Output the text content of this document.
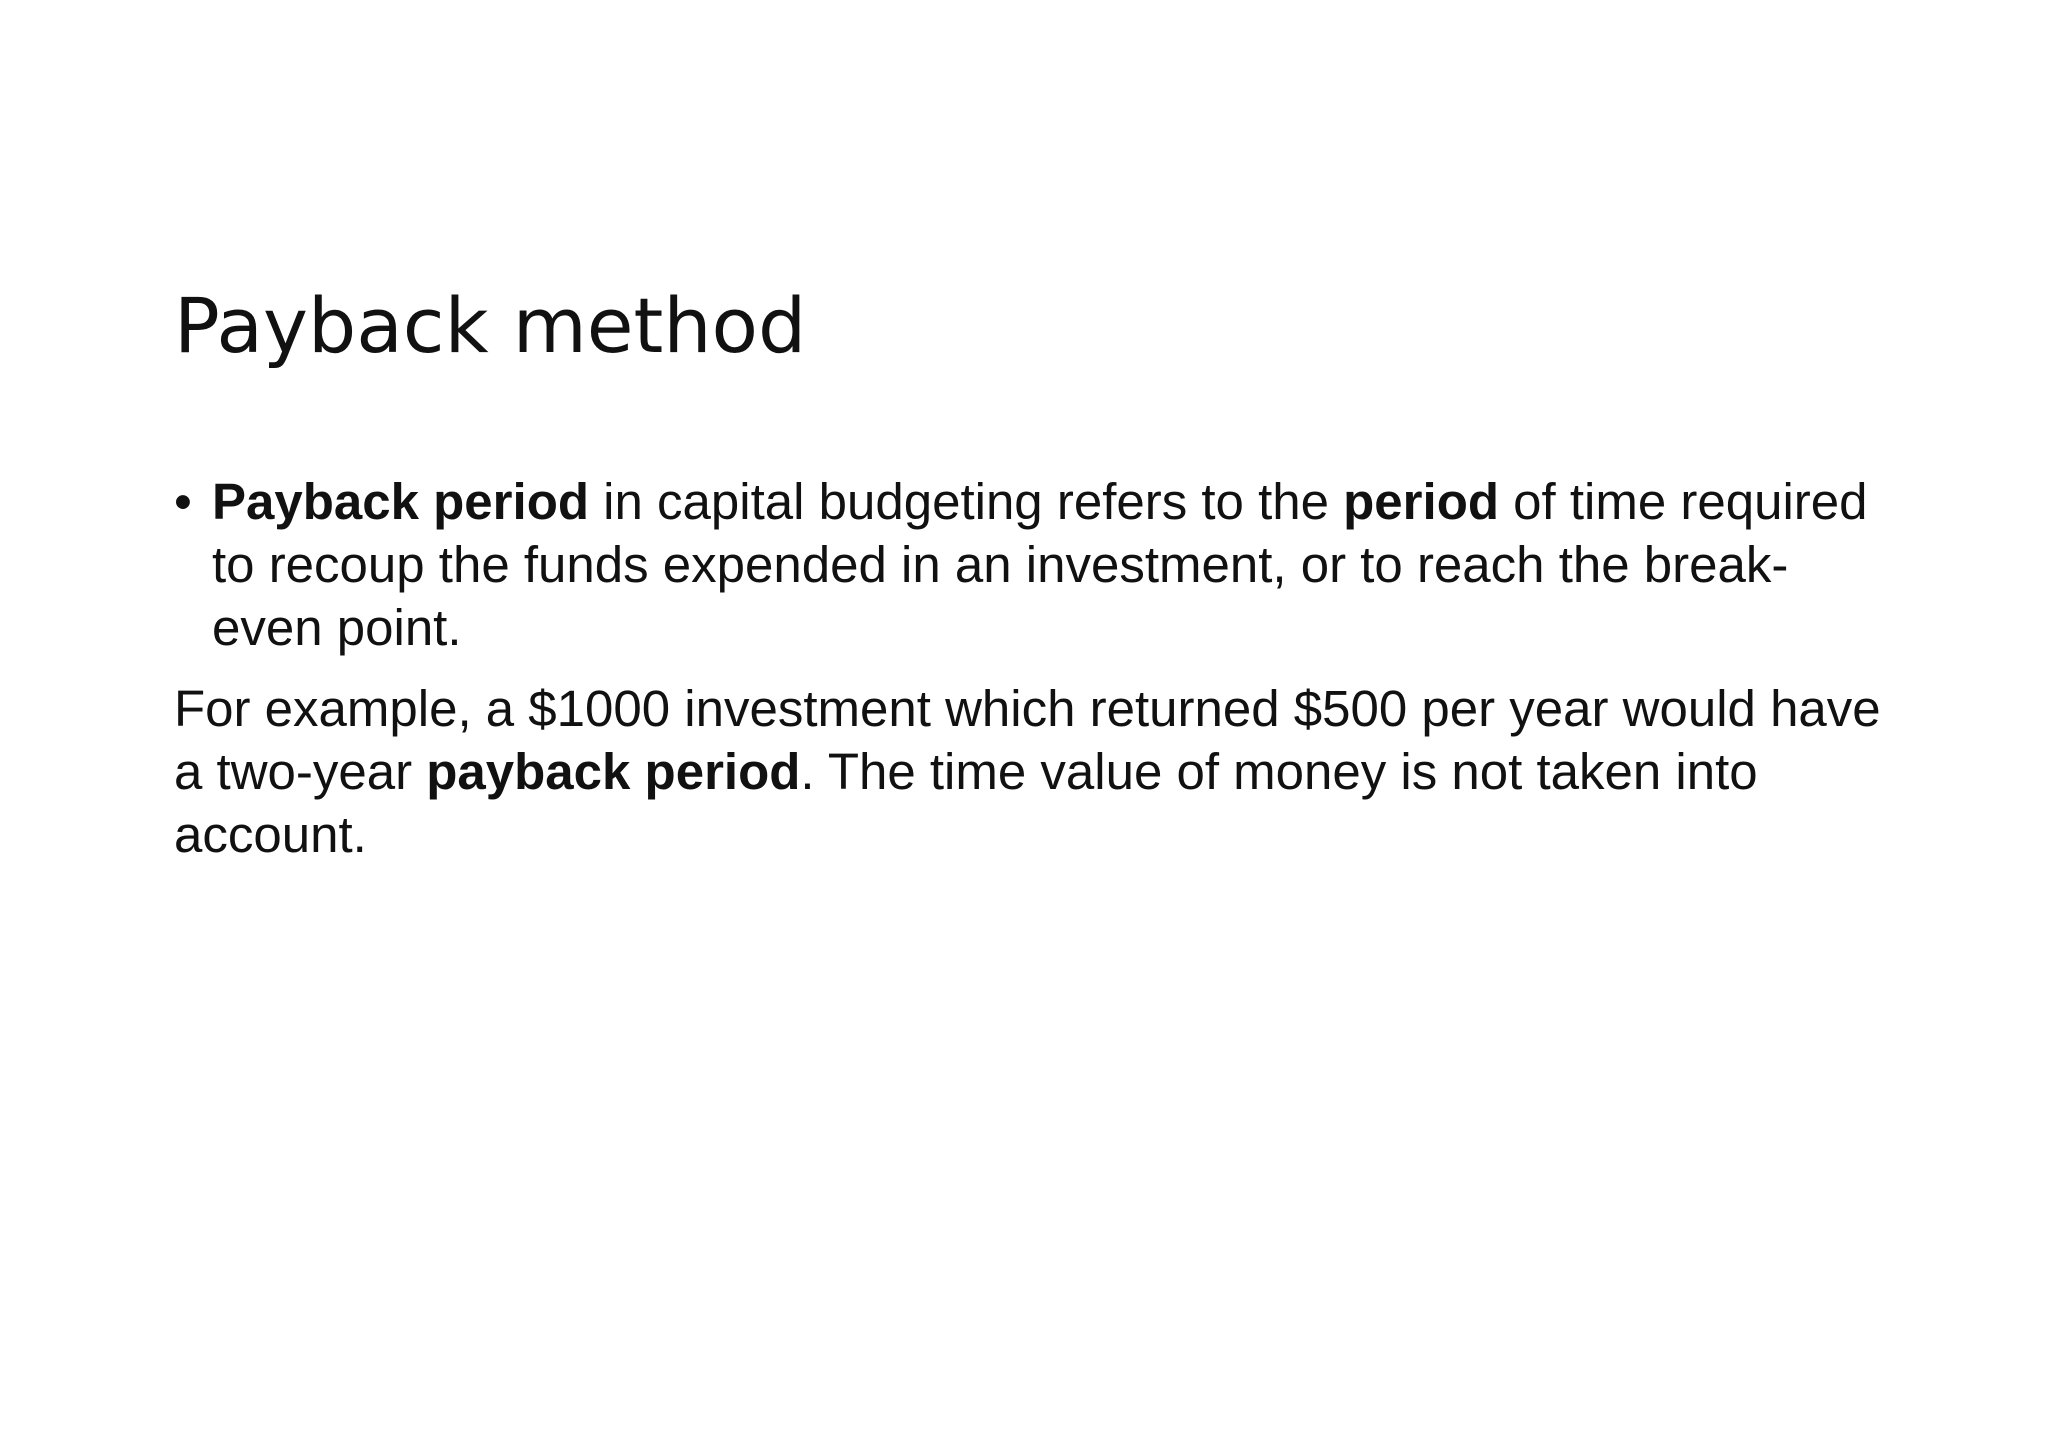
Payback method

• Payback period in capital budgeting refers to the period of time required to recoup the funds expended in an investment, or to reach the break-even point.

For example, a $1000 investment which returned $500 per year would have a two-year payback period. The time value of money is not taken into account.
